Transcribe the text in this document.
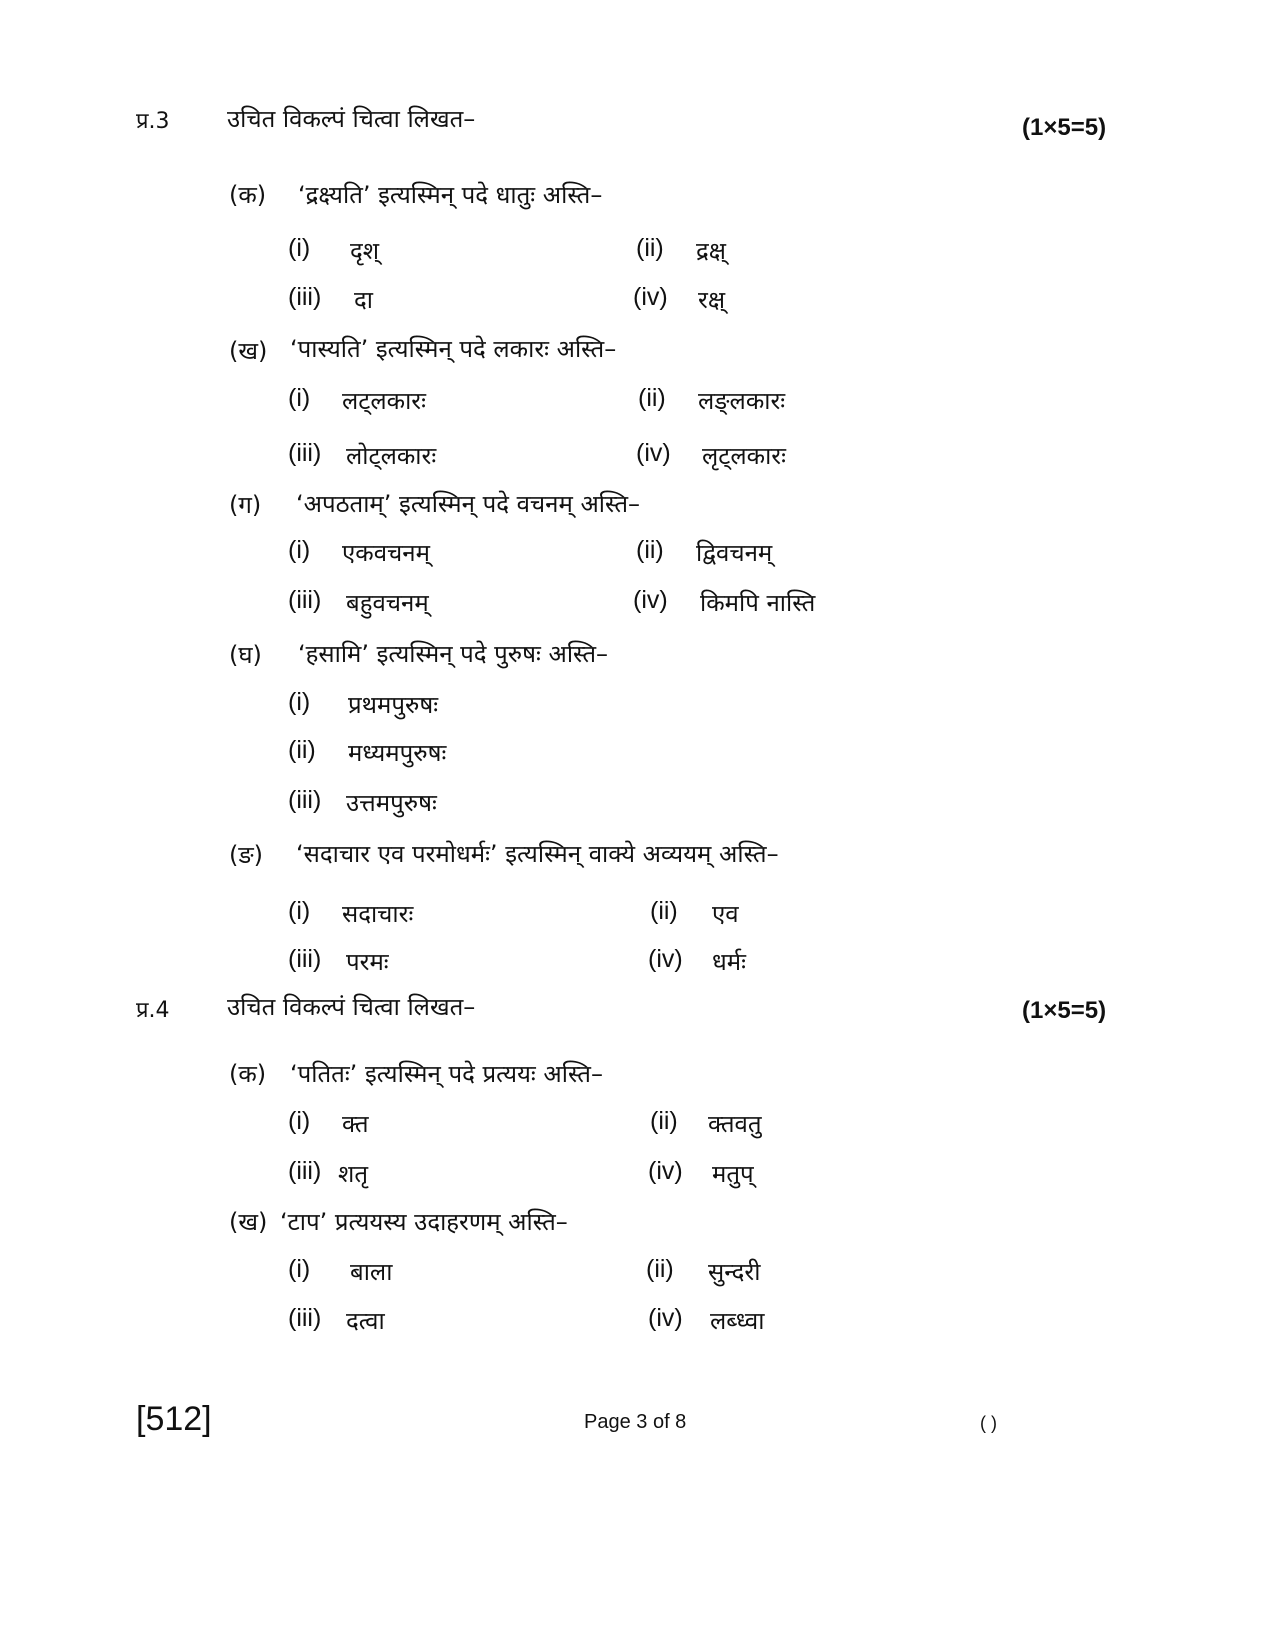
प्र.3 उचित विकल्पं चित्वा लिखत–	(1×5=5)
(क) ‘द्रक्ष्यति’ इत्यस्मिन् पदे धातुः अस्ति–
(i) दृश्	(ii) द्रक्ष्
(iii) दा	(iv) रक्ष्
(ख) ‘पास्यति’ इत्यस्मिन् पदे लकारः अस्ति–
(i) लट्लकारः	(ii) लङ्लकारः
(iii) लोट्लकारः	(iv) लृट्लकारः
(ग) ‘अपठताम्’ इत्यस्मिन् पदे वचनम् अस्ति–
(i) एकवचनम्	(ii) द्विवचनम्
(iii) बहुवचनम्	(iv) किमपि नास्ति
(घ) ‘हसामि’ इत्यस्मिन् पदे पुरुषः अस्ति–
(i) प्रथमपुरुषः
(ii) मध्यमपुरुषः
(iii) उत्तमपुरुषः
(ङ) ‘सदाचार एव परमोधर्मः’ इत्यस्मिन् वाक्ये अव्ययम् अस्ति–
(i) सदाचारः	(ii) एव
(iii) परमः	(iv) धर्मः
प्र.4 उचित विकल्पं चित्वा लिखत–	(1×5=5)
(क) ‘पतितः’ इत्यस्मिन् पदे प्रत्ययः अस्ति–
(i) क्त	(ii) क्तवतु
(iii) शतृ	(iv) मतुप्
(ख) ‘टाप’ प्रत्ययस्य उदाहरणम् अस्ति–
(i) बाला	(ii) सुन्दरी
(iii) दत्वा	(iv) लब्ध्वा
[512]	Page 3 of 8	( )
